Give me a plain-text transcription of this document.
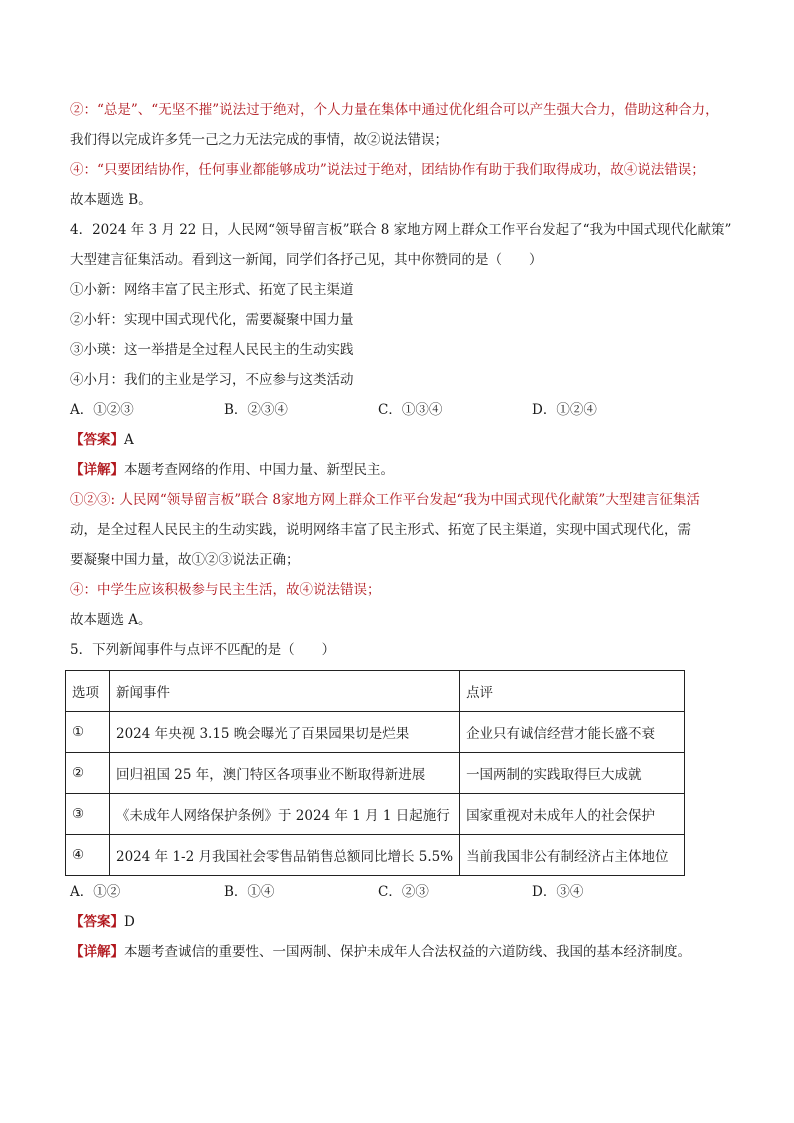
②：“总是”、“无坚不摧”说法过于绝对，个人力量在集体中通过优化组合可以产生强大合力，借助这种合力，
我们得以完成许多凭一己之力无法完成的事情，故②说法错误；
④：“只要团结协作，任何事业都能够成功”说法过于绝对，团结协作有助于我们取得成功，故④说法错误；
故本题选 B。
4．2024 年 3 月 22 日，人民网“领导留言板”联合 8 家地方网上群众工作平台发起了“我为中国式现代化献策”
大型建言征集活动。看到这一新闻，同学们各抒己见，其中你赞同的是（　　）
①小新：网络丰富了民主形式、拓宽了民主渠道
②小轩：实现中国式现代化，需要凝聚中国力量
③小瑛：这一举措是全过程人民民主的生动实践
④小月：我们的主业是学习，不应参与这类活动
A．①②③	B．②③④	C．①③④	D．①②④
【答案】A
【详解】本题考查网络的作用、中国力量、新型民主。
①②③: 人民网“领导留言板”联合 8家地方网上群众工作平台发起“我为中国式现代化献策”大型建言征集活
动，是全过程人民民主的生动实践，说明网络丰富了民主形式、拓宽了民主渠道，实现中国式现代化，需
要凝聚中国力量，故①②③说法正确；
④：中学生应该积极参与民主生活，故④说法错误；
故本题选 A。
5．下列新闻事件与点评不匹配的是（　　）
选项	新闻事件	点评
①	2024 年央视 3.15 晚会曝光了百果园果切是烂果	企业只有诚信经营才能长盛不衰
②	回归祖国 25 年，澳门特区各项事业不断取得新进展	一国两制的实践取得巨大成就
③	《未成年人网络保护条例》于 2024 年 1 月 1 日起施行	国家重视对未成年人的社会保护
④	2024 年 1-2 月我国社会零售品销售总额同比增长 5.5%	当前我国非公有制经济占主体地位
A．①②	B．①④	C．②③	D．③④
【答案】D
【详解】本题考查诚信的重要性、一国两制、保护未成年人合法权益的六道防线、我国的基本经济制度。
